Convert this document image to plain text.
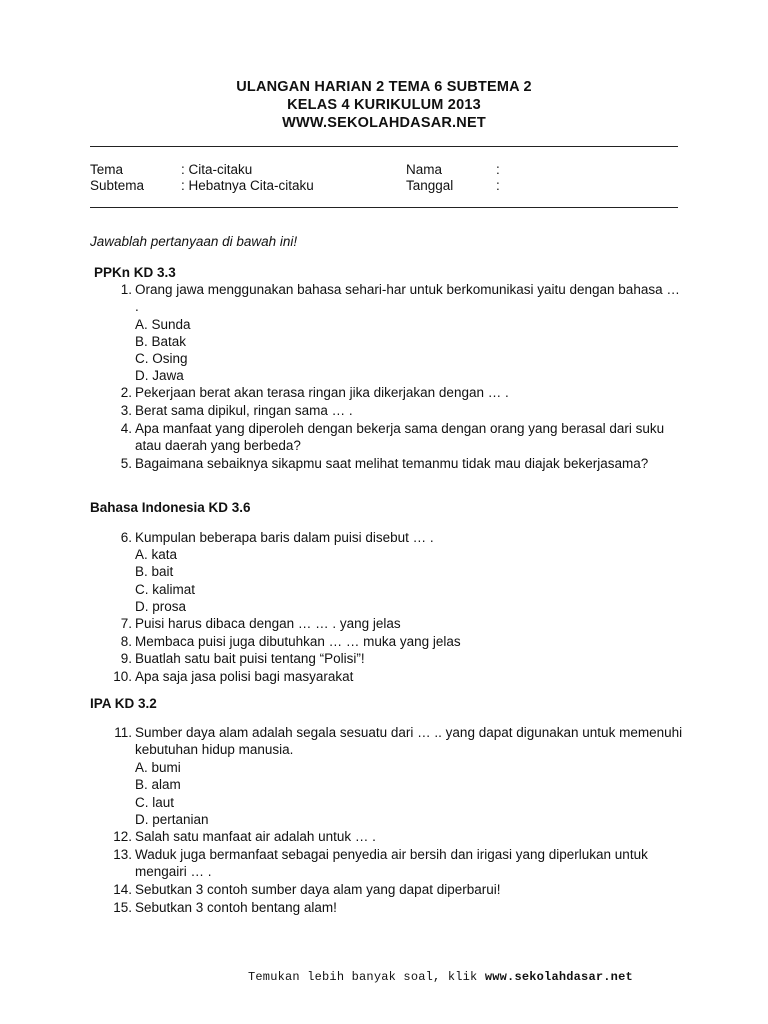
ULANGAN HARIAN 2 TEMA 6 SUBTEMA 2
KELAS 4 KURIKULUM 2013
WWW.SEKOLAHDASAR.NET
Tema	: Cita-citaku	Nama	:
Subtema	: Hebatnya Cita-citaku	Tanggal	:
Jawablah pertanyaan di bawah ini!
PPKn KD 3.3
1. Orang jawa menggunakan bahasa sehari-har untuk berkomunikasi yaitu dengan bahasa … .
A. Sunda
B. Batak
C. Osing
D. Jawa
2. Pekerjaan berat akan terasa ringan jika dikerjakan dengan … .
3. Berat sama dipikul, ringan sama … .
4. Apa manfaat yang diperoleh dengan bekerja sama dengan orang yang berasal dari suku atau daerah yang berbeda?
5. Bagaimana sebaiknya sikapmu saat melihat temanmu tidak mau diajak bekerjasama?
Bahasa Indonesia KD 3.6
6. Kumpulan beberapa baris dalam puisi disebut … .
A. kata
B. bait
C. kalimat
D. prosa
7. Puisi harus dibaca dengan … … . yang jelas
8. Membaca puisi juga dibutuhkan … … muka yang jelas
9. Buatlah satu bait puisi tentang “Polisi”!
10. Apa saja jasa polisi bagi masyarakat
IPA KD 3.2
11. Sumber daya alam adalah segala sesuatu dari … .. yang dapat digunakan untuk memenuhi kebutuhan hidup manusia.
A. bumi
B. alam
C. laut
D. pertanian
12. Salah satu manfaat air adalah untuk … .
13. Waduk juga bermanfaat sebagai penyedia air bersih dan irigasi yang diperlukan untuk mengairi … .
14. Sebutkan 3 contoh sumber daya alam yang dapat diperbarui!
15. Sebutkan 3 contoh bentang alam!
Temukan lebih banyak soal, klik www.sekolahdasar.net
